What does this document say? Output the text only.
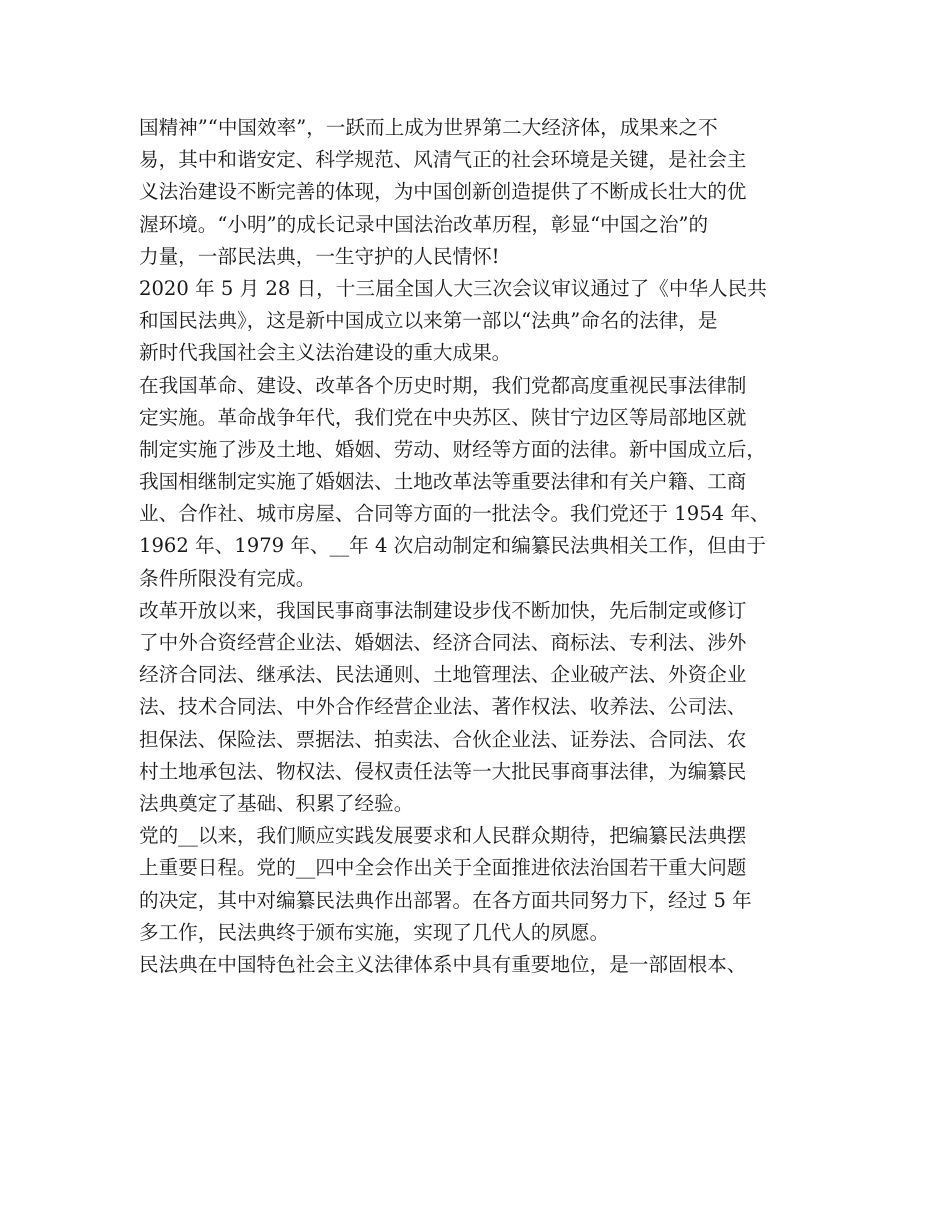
国精神”“中国效率”，一跃而上成为世界第二大经济体，成果来之不
易，其中和谐安定、科学规范、风清气正的社会环境是关键，是社会主
义法治建设不断完善的体现，为中国创新创造提供了不断成长壮大的优
渥环境。“小明”的成长记录中国法治改革历程，彰显“中国之治”的
力量，一部民法典，一生守护的人民情怀!
2020 年 5 月 28 日，十三届全国人大三次会议审议通过了《中华人民共
和国民法典》，这是新中国成立以来第一部以“法典”命名的法律，是
新时代我国社会主义法治建设的重大成果。
在我国革命、建设、改革各个历史时期，我们党都高度重视民事法律制
定实施。革命战争年代，我们党在中央苏区、陕甘宁边区等局部地区就
制定实施了涉及土地、婚姻、劳动、财经等方面的法律。新中国成立后，
我国相继制定实施了婚姻法、土地改革法等重要法律和有关户籍、工商
业、合作社、城市房屋、合同等方面的一批法令。我们党还于 1954 年、
1962 年、1979 年、__年 4 次启动制定和编纂民法典相关工作，但由于
条件所限没有完成。
改革开放以来，我国民事商事法制建设步伐不断加快，先后制定或修订
了中外合资经营企业法、婚姻法、经济合同法、商标法、专利法、涉外
经济合同法、继承法、民法通则、土地管理法、企业破产法、外资企业
法、技术合同法、中外合作经营企业法、著作权法、收养法、公司法、
担保法、保险法、票据法、拍卖法、合伙企业法、证券法、合同法、农
村土地承包法、物权法、侵权责任法等一大批民事商事法律，为编纂民
法典奠定了基础、积累了经验。
党的__以来，我们顺应实践发展要求和人民群众期待，把编纂民法典摆
上重要日程。党的__四中全会作出关于全面推进依法治国若干重大问题
的决定，其中对编纂民法典作出部署。在各方面共同努力下，经过 5 年
多工作，民法典终于颁布实施，实现了几代人的夙愿。
民法典在中国特色社会主义法律体系中具有重要地位，是一部固根本、
